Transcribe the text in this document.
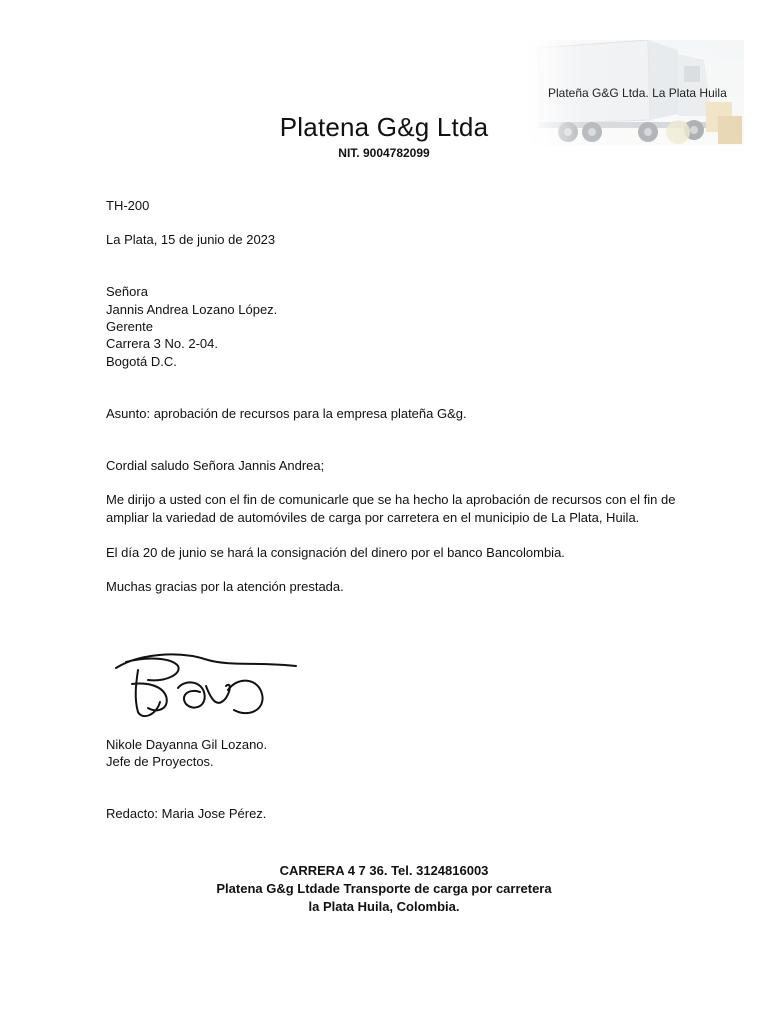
Plateña G&G Ltda. La Plata Huila
Platena G&g Ltda
NIT. 9004782099
TH-200
La Plata, 15 de junio de 2023
Señora
Jannis Andrea Lozano López.
Gerente
Carrera 3 No. 2-04.
Bogotá D.C.
Asunto: aprobación de recursos para la empresa plateña G&g.
Cordial saludo Señora Jannis Andrea;
Me dirijo a usted con el fin de comunicarle que se ha hecho la aprobación de recursos con el fin de
ampliar la variedad de automóviles de carga por carretera en el municipio de La Plata, Huila.
El día 20 de junio se hará la consignación del dinero por el banco Bancolombia.
Muchas gracias por la atención prestada.
Nikole Dayanna Gil Lozano.
Jefe de Proyectos.
Redacto: Maria Jose Pérez.
CARRERA 4 7 36. Tel. 3124816003
Platena G&g Ltdade Transporte de carga por carretera
la Plata Huila, Colombia.
